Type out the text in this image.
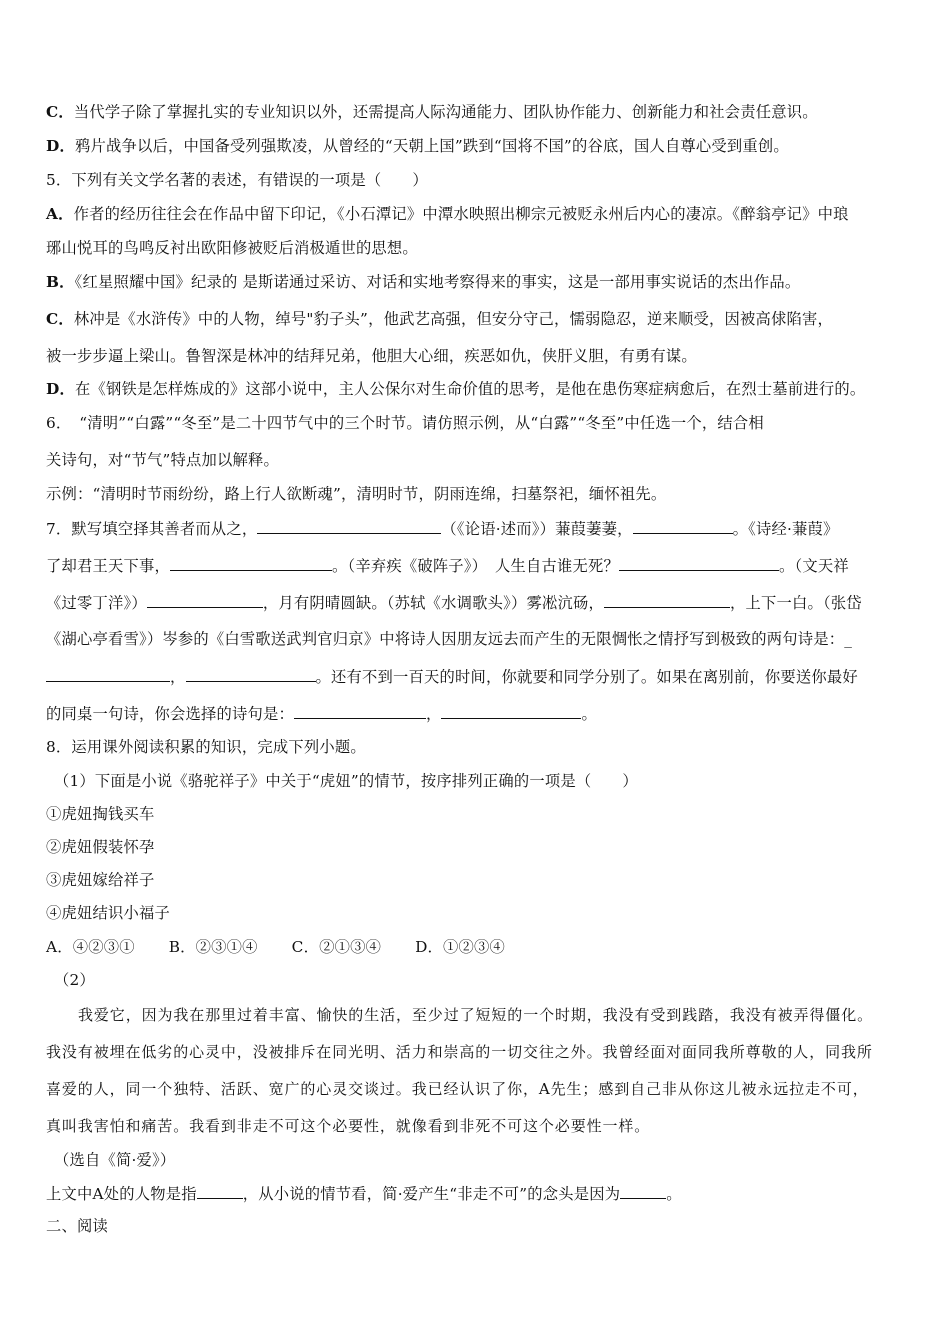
C．当代学子除了掌握扎实的专业知识以外，还需提高人际沟通能力、团队协作能力、创新能力和社会责任意识。
D．鸦片战争以后，中国备受列强欺凌，从曾经的“天朝上国”跌到“国将不国”的谷底，国人自尊心受到重创。
5．下列有关文学名著的表述，有错误的一项是（　　）
A．作者的经历往往会在作品中留下印记，《小石潭记》中潭水映照出柳宗元被贬永州后内心的凄凉。《醉翁亭记》中琅
琊山悦耳的鸟鸣反衬出欧阳修被贬后消极遁世的思想。
B．《红星照耀中国》纪录的 是斯诺通过采访、对话和实地考察得来的事实，这是一部用事实说话的杰出作品。
C．林冲是《水浒传》中的人物，绰号"豹子头”，他武艺高强，但安分守己，懦弱隐忍，逆来顺受，因被高俅陷害，
被一步步逼上梁山。鲁智深是林冲的结拜兄弟，他胆大心细，疾恶如仇，侠肝义胆，有勇有谋。
D．在《钢铁是怎样炼成的》这部小说中，主人公保尔对生命价值的思考，是他在患伤寒症病愈后，在烈士墓前进行的。
6．　“清明”“白露”“冬至”是二十四节气中的三个时节。请仿照示例，从“白露”“冬至”中任选一个，结合相
关诗句，对“节气”特点加以解释。
示例：“清明时节雨纷纷，路上行人欲断魂”，清明时节，阴雨连绵，扫墓祭祀，缅怀祖先。
7．默写填空择其善者而从之，	（《论语·述而》）蒹葭萋萋，	。《诗经·蒹葭》
了却君王天下事，	。（辛弃疾《破阵子》）　人生自古谁无死？	。（文天祥
《过零丁洋》）	，月有阴晴圆缺。（苏轼《水调歌头》）雾凇沆砀，	，上下一白。（张岱
《湖心亭看雪》）岑参的《白雪歌送武判官归京》中将诗人因朋友远去而产生的无限惆怅之情抒写到极致的两句诗是：_
，	。还有不到一百天的时间，你就要和同学分别了。如果在离别前，你要送你最好
的同桌一句诗，你会选择的诗句是：	，	。
8．运用课外阅读积累的知识，完成下列小题。
（1）下面是小说《骆驼祥子》中关于“虎妞”的情节，按序排列正确的一项是（　　）
①虎妞掏钱买车
②虎妞假装怀孕
③虎妞嫁给祥子
④虎妞结识小福子
A．④②③① B．②③①④ C．②①③④ D．①②③④
（2）
我爱它，因为我在那里过着丰富、愉快的生活，至少过了短短的一个时期，我没有受到践踏，我没有被弄得僵化。
我没有被埋在低劣的心灵中，没被排斥在同光明、活力和崇高的一切交往之外。我曾经面对面同我所尊敬的人，同我所
喜爱的人，同一个独特、活跃、宽广的心灵交谈过。我已经认识了你，A先生；感到自己非从你这儿被永远拉走不可，
真叫我害怕和痛苦。我看到非走不可这个必要性，就像看到非死不可这个必要性一样。
（选自《简·爱》）
上文中A处的人物是指	，从小说的情节看，简·爱产生“非走不可”的念头是因为	。
二、阅读
